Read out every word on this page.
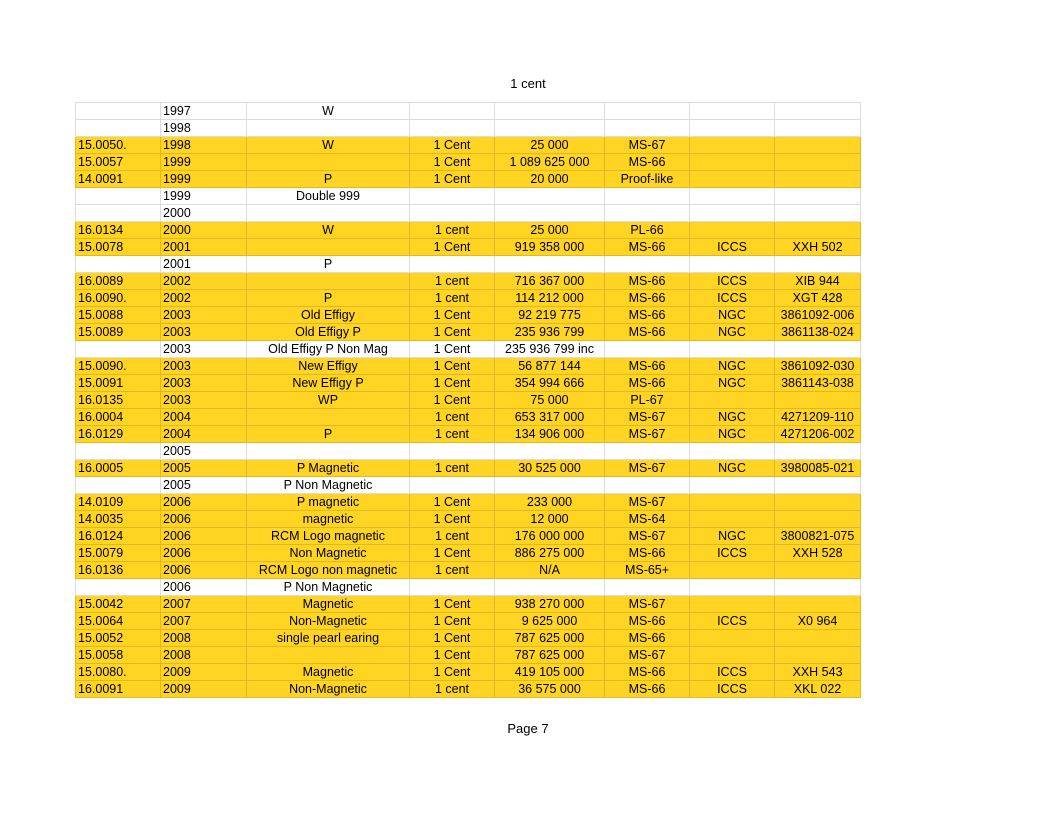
1 cent
	1997	W					
	1998						
15.0050.	1998	W	1 Cent	25 000	MS-67		
15.0057	1999		1 Cent	1 089 625 000	MS-66		
14.0091	1999	P	1 Cent	20 000	Proof-like		
	1999	Double 999					
	2000						
16.0134	2000	W	1 cent	25 000	PL-66		
15.0078	2001		1 Cent	919 358 000	MS-66	ICCS	XXH 502
	2001	P					
16.0089	2002		1 cent	716 367 000	MS-66	ICCS	XIB 944
16.0090.	2002	P	1 cent	114 212 000	MS-66	ICCS	XGT 428
15.0088	2003	Old Effigy	1 Cent	92 219 775	MS-66	NGC	3861092-006
15.0089	2003	Old Effigy P	1 Cent	235 936 799	MS-66	NGC	3861138-024
	2003	Old Effigy P Non Mag	1 Cent	235 936 799 inc			
15.0090.	2003	New Effigy	1 Cent	56 877 144	MS-66	NGC	3861092-030
15.0091	2003	New Effigy P	1 Cent	354 994 666	MS-66	NGC	3861143-038
16.0135	2003	WP	1 Cent	75 000	PL-67		
16.0004	2004		1 cent	653 317 000	MS-67	NGC	4271209-110
16.0129	2004	P	1 cent	134 906 000	MS-67	NGC	4271206-002
	2005						
16.0005	2005	P Magnetic	1 cent	30 525 000	MS-67	NGC	3980085-021
	2005	P Non Magnetic					
14.0109	2006	P magnetic	1 Cent	233 000	MS-67		
14.0035	2006	magnetic	1 Cent	12 000	MS-64		
16.0124	2006	RCM Logo magnetic	1 cent	176 000 000	MS-67	NGC	3800821-075
15.0079	2006	Non Magnetic	1 Cent	886 275 000	MS-66	ICCS	XXH 528
16.0136	2006	RCM Logo non magnetic	1 cent	N/A	MS-65+		
	2006	P Non Magnetic					
15.0042	2007	Magnetic	1 Cent	938 270 000	MS-67		
15.0064	2007	Non-Magnetic	1 Cent	9 625 000	MS-66	ICCS	X0 964
15.0052	2008	single pearl earing	1 Cent	787 625 000	MS-66		
15.0058	2008		1 Cent	787 625 000	MS-67		
15.0080.	2009	Magnetic	1 Cent	419 105 000	MS-66	ICCS	XXH 543
16.0091	2009	Non-Magnetic	1 cent	36 575 000	MS-66	ICCS	XKL 022
Page 7
